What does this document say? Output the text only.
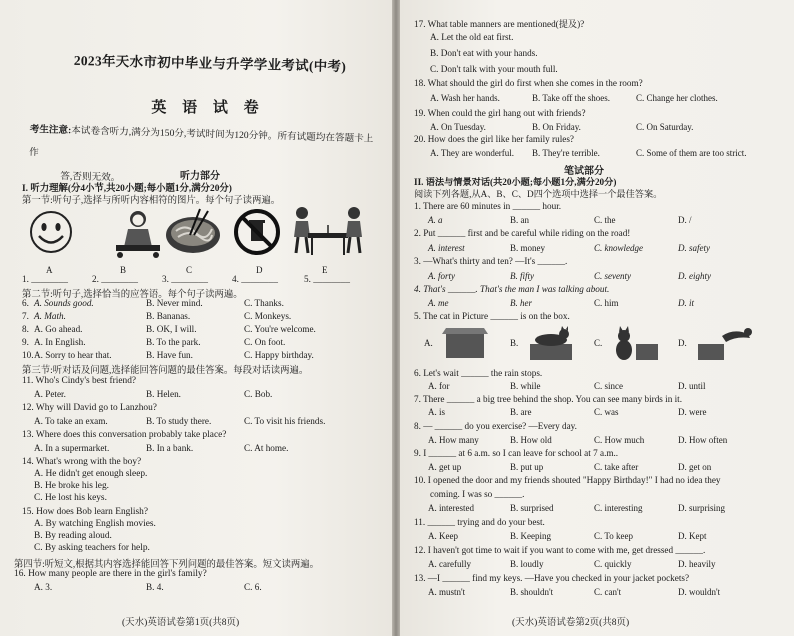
2023年天水市初中毕业与升学学业考试(中考)
英 语 试 卷
考生注意:本试卷含听力,满分为150分,考试时间为120分钟。所有试题均在答题卡上作
答,否则无效。	听力部分
I. 听力理解(分4小节,共20小题;每小题1分,满分20分)
第一节:听句子,选择与所听内容相符的图片。每个句子读两遍。
A	B	C	D	E
1. ________	2. ________	3. ________	4. ________	5. ________
第二节:听句子,选择恰当的应答语。每个句子读两遍。
6. A. Sounds good.	B. Never mind.	C. Thanks.
7. A. Math.	B. Bananas.	C. Monkeys.
8. A. Go ahead.	B. OK, I will.	C. You're welcome.
9. A. In English.	B. To the park.	C. On foot.
10. A. Sorry to hear that.	B. Have fun.	C. Happy birthday.
第三节:听对话及问题,选择能回答问题的最佳答案。每段对话读两遍。
11. Who's Cindy's best friend?
A. Peter.	B. Helen.	C. Bob.
12. Why will David go to Lanzhou?
A. To take an exam.	B. To study there.	C. To visit his friends.
13. Where does this conversation probably take place?
A. In a supermarket.	B. In a bank.	C. At home.
14. What's wrong with the boy?
A. He didn't get enough sleep.
B. He broke his leg.
C. He lost his keys.
15. How does Bob learn English?
A. By watching English movies.
B. By reading aloud.
C. By asking teachers for help.
第四节:听短文,根据其内容选择能回答下列问题的最佳答案。短文读两遍。
16. How many people are there in the girl's family?
A. 3.	B. 4.	C. 6.
(天水)英语试卷第1页(共8页)
17. What table manners are mentioned(提及)?
A. Let the old eat first.
B. Don't eat with your hands.
C. Don't talk with your mouth full.
18. What should the girl do first when she comes in the room?
A. Wash her hands.	B. Take off the shoes.	C. Change her clothes.
19. When could the girl hang out with friends?
A. On Tuesday.	B. On Friday.	C. On Saturday.
20. How does the girl like her family rules?
A. They are wonderful. B. They're terrible.	C. Some of them are too strict.
笔试部分
II. 语法与情景对话(共20小题;每小题1分,满分20分)
阅读下列各题,从A、B、C、D四个选项中选择一个最佳答案。
1. There are 60 minutes in ______ hour.
A. a	B. an	C. the	D. /
2. Put ______ first and be careful while riding on the road!
A. interest	B. money	C. knowledge	D. safety
3. —What's thirty and ten? —It's ______.
A. forty	B. fifty	C. seventy	D. eighty
4. That's ______. That's the man I was talking about.
A. me	B. her	C. him	D. it
5. The cat in Picture ______ is on the box.
A.	B.	C.	D.
6. Let's wait ______ the rain stops.
A. for	B. while	C. since	D. until
7. There ______ a big tree behind the shop. You can see many birds in it.
A. is	B. are	C. was	D. were
8. — ______ do you exercise? —Every day.
A. How many	B. How old	C. How much	D. How often
9. I ______ at 6 a.m. so I can leave for school at 7 a.m..
A. get up	B. put up	C. take after	D. get on
10. I opened the door and my friends shouted "Happy Birthday!" I had no idea they
coming. I was so ______.
A. interested	B. surprised	C. interesting	D. surprising
11. ______ trying and do your best.
A. Keep	B. Keeping	C. To keep	D. Kept
12. I haven't got time to wait if you want to come with me, get dressed ______.
A. carefully	B. loudly	C. quickly	D. heavily
13. —I ______ find my keys. —Have you checked in your jacket pockets?
A. mustn't	B. shouldn't	C. can't	D. wouldn't
(天水)英语试卷第2页(共8页)
